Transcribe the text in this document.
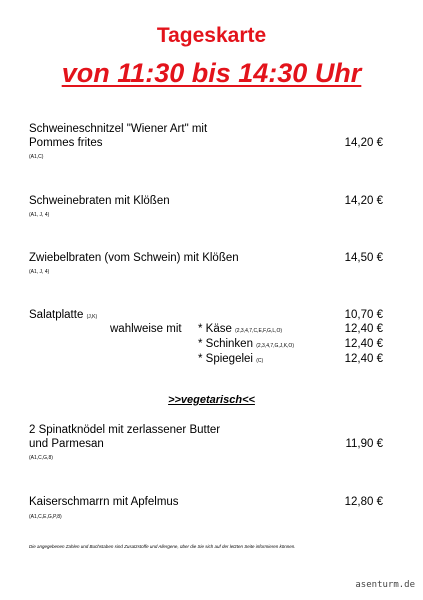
Tageskarte
von 11:30 bis 14:30 Uhr
Schweineschnitzel "Wiener Art" mit
Pommes frites	14,20 €
(A1,C)
Schweinebraten mit Klößen	14,20 €
(A1, J, 4)
Zwiebelbraten (vom Schwein) mit Klößen	14,50 €
(A1, J, 4)
Salatplatte (J,K)	10,70 €
wahlweise mit * Käse (2,3,4,7,C,E,F,G,L,O)	12,40 €
* Schinken (2,3,4,7,G,J,K,O)	12,40 €
* Spiegelei (C)	12,40 €
>>vegetarisch<<
2 Spinatknödel mit zerlassener Butter
und Parmesan	11,90 €
(A1,C,G,8)
Kaiserschmarrn mit Apfelmus	12,80 €
(A1,C,E,G,P,8)
Die angegebenen Zahlen und Buchstaben sind Zusatzstoffe und Allergene, über die Sie sich auf der letzten Seite informieren können.
asenturm.de
